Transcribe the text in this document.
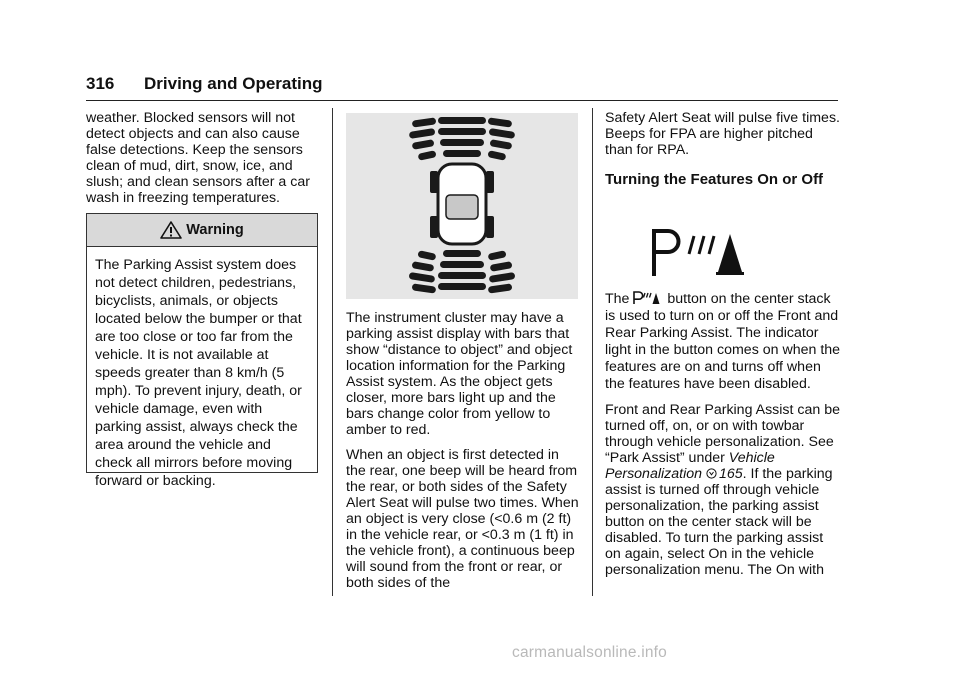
316 Driving and Operating

weather. Blocked sensors will not detect objects and can also cause false detections. Keep the sensors clean of mud, dirt, snow, ice, and slush; and clean sensors after a car wash in freezing temperatures.

Warning
The Parking Assist system does not detect children, pedestrians, bicyclists, animals, or objects located below the bumper or that are too close or too far from the vehicle. It is not available at speeds greater than 8 km/h (5 mph). To prevent injury, death, or vehicle damage, even with parking assist, always check the area around the vehicle and check all mirrors before moving forward or backing.

The instrument cluster may have a parking assist display with bars that show “distance to object” and object location information for the Parking Assist system. As the object gets closer, more bars light up and the bars change color from yellow to amber to red.

When an object is first detected in the rear, one beep will be heard from the rear, or both sides of the Safety Alert Seat will pulse two times. When an object is very close (<0.6 m (2 ft) in the vehicle rear, or <0.3 m (1 ft) in the vehicle front), a continuous beep will sound from the front or rear, or both sides of the

Safety Alert Seat will pulse five times. Beeps for FPA are higher pitched than for RPA.

Turning the Features On or Off

The	button on the center stack is used to turn on or off the Front and Rear Parking Assist. The indicator light in the button comes on when the features are on and turns off when the features have been disabled.

Front and Rear Parking Assist can be turned off, on, or on with towbar through vehicle personalization. See “Park Assist” under Vehicle Personalization 165. If the parking assist is turned off through vehicle personalization, the parking assist button on the center stack will be disabled. To turn the parking assist on again, select On in the vehicle personalization menu. The On with

carmanualsonline.info
